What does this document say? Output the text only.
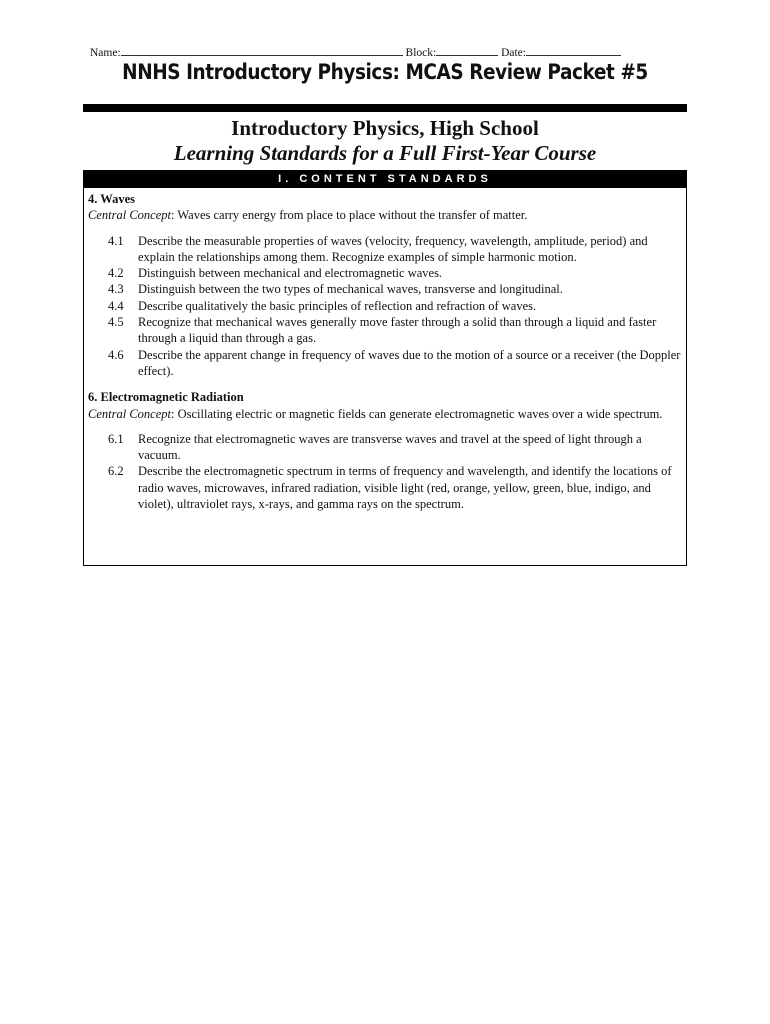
Name:	Block:	Date:
NNHS Introductory Physics: MCAS Review Packet #5
Introductory Physics, High School
Learning Standards for a Full First-Year Course
I. CONTENT STANDARDS
4. Waves
Central Concept: Waves carry energy from place to place without the transfer of matter.
4.1	Describe the measurable properties of waves (velocity, frequency, wavelength, amplitude, period) and explain the relationships among them. Recognize examples of simple harmonic motion.
4.2	Distinguish between mechanical and electromagnetic waves.
4.3	Distinguish between the two types of mechanical waves, transverse and longitudinal.
4.4	Describe qualitatively the basic principles of reflection and refraction of waves.
4.5	Recognize that mechanical waves generally move faster through a solid than through a liquid and faster through a liquid than through a gas.
4.6	Describe the apparent change in frequency of waves due to the motion of a source or a receiver (the Doppler effect).
6. Electromagnetic Radiation
Central Concept: Oscillating electric or magnetic fields can generate electromagnetic waves over a wide spectrum.
6.1	Recognize that electromagnetic waves are transverse waves and travel at the speed of light through a vacuum.
6.2	Describe the electromagnetic spectrum in terms of frequency and wavelength, and identify the locations of radio waves, microwaves, infrared radiation, visible light (red, orange, yellow, green, blue, indigo, and violet), ultraviolet rays, x-rays, and gamma rays on the spectrum.
